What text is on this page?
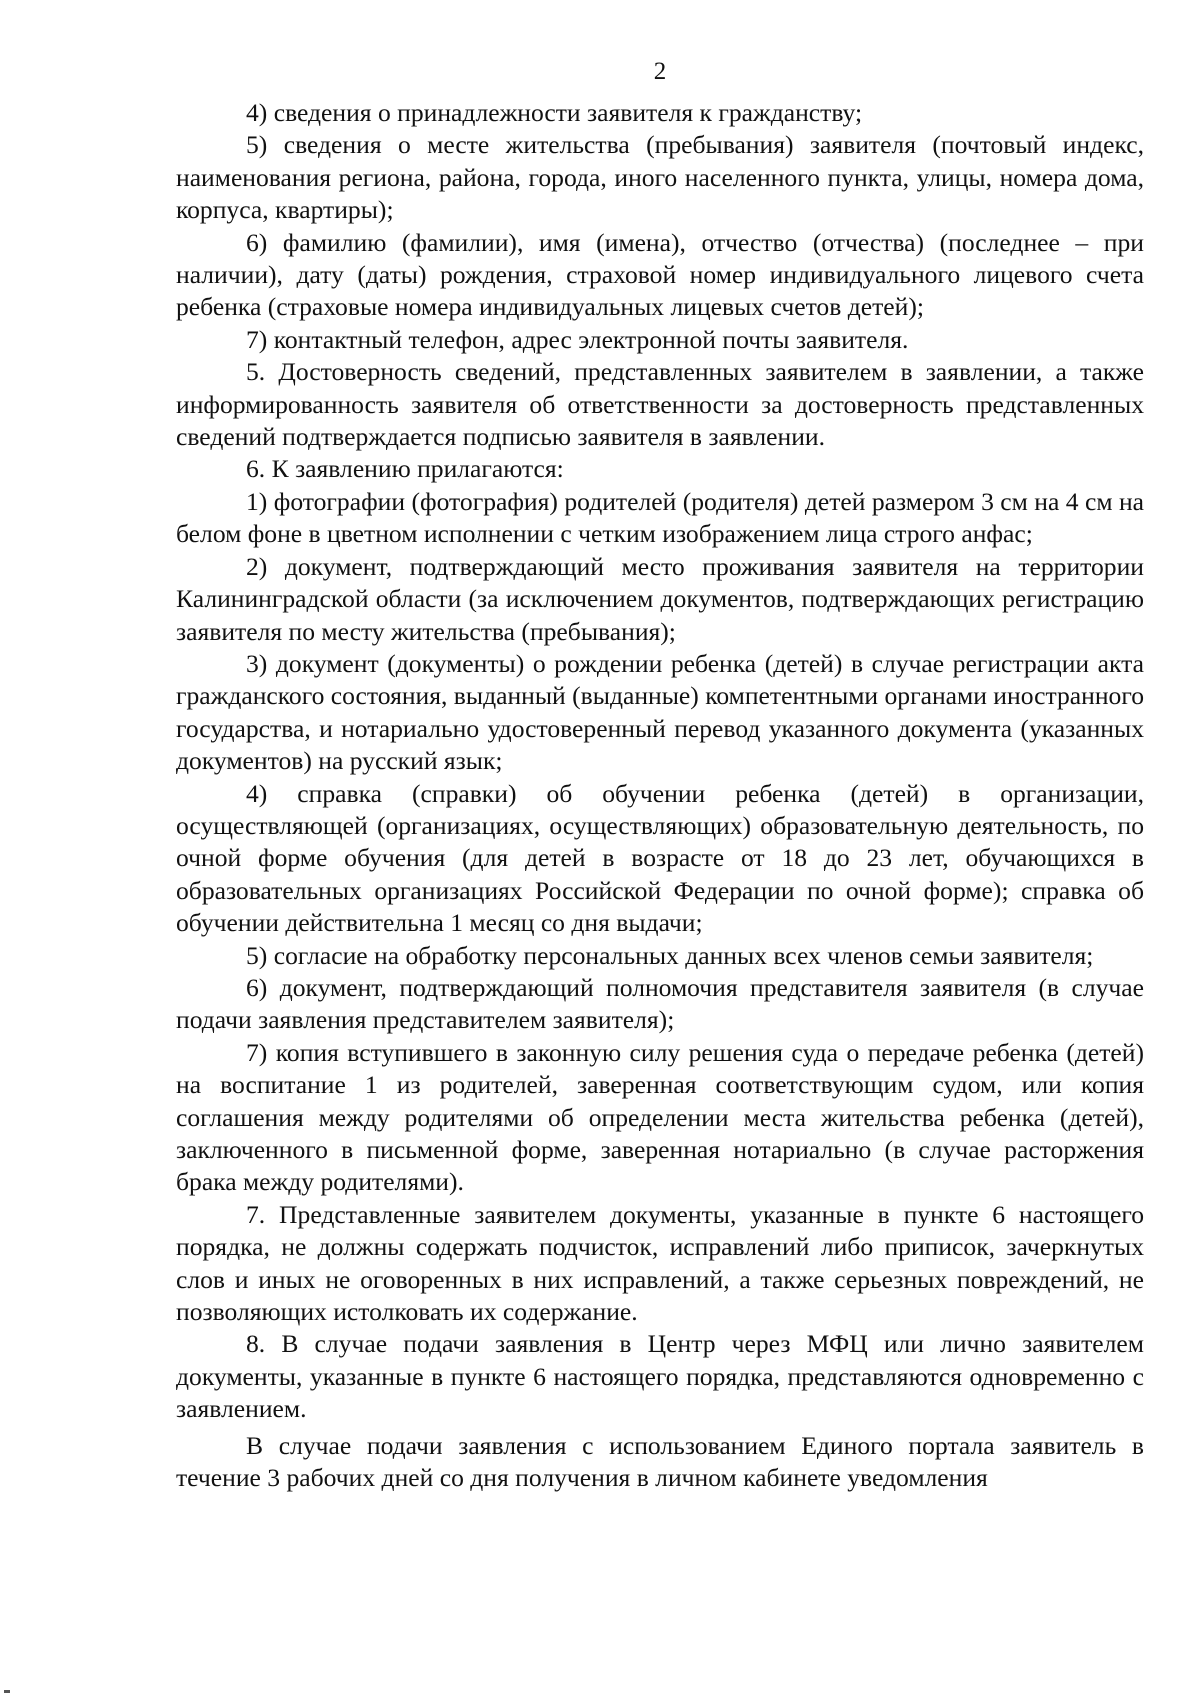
2

4) сведения о принадлежности заявителя к гражданству;

5) сведения о месте жительства (пребывания) заявителя (почтовый индекс, наименования региона, района, города, иного населенного пункта, улицы, номера дома, корпуса, квартиры);

6) фамилию (фамилии), имя (имена), отчество (отчества) (последнее – при наличии), дату (даты) рождения, страховой номер индивидуального лицевого счета ребенка (страховые номера индивидуальных лицевых счетов детей);

7) контактный телефон, адрес электронной почты заявителя.

5. Достоверность сведений, представленных заявителем в заявлении, а также информированность заявителя об ответственности за достоверность представленных сведений подтверждается подписью заявителя в заявлении.

6. К заявлению прилагаются:

1) фотографии (фотография) родителей (родителя) детей размером 3 см на 4 см на белом фоне в цветном исполнении с четким изображением лица строго анфас;

2) документ, подтверждающий место проживания заявителя на территории Калининградской области (за исключением документов, подтверждающих регистрацию заявителя по месту жительства (пребывания);

3) документ (документы) о рождении ребенка (детей) в случае регистрации акта гражданского состояния, выданный (выданные) компетентными органами иностранного государства, и нотариально удостоверенный перевод указанного документа (указанных документов) на русский язык;

4) справка (справки) об обучении ребенка (детей) в организации, осуществляющей (организациях, осуществляющих) образовательную деятельность, по очной форме обучения (для детей в возрасте от 18 до 23 лет, обучающихся в образовательных организациях Российской Федерации по очной форме); справка об обучении действительна 1 месяц со дня выдачи;

5) согласие на обработку персональных данных всех членов семьи заявителя;

6) документ, подтверждающий полномочия представителя заявителя (в случае подачи заявления представителем заявителя);

7) копия вступившего в законную силу решения суда о передаче ребенка (детей) на воспитание 1 из родителей, заверенная соответствующим судом, или копия соглашения между родителями об определении места жительства ребенка (детей), заключенного в письменной форме, заверенная нотариально (в случае расторжения брака между родителями).

7. Представленные заявителем документы, указанные в пункте 6 настоящего порядка, не должны содержать подчисток, исправлений либо приписок, зачеркнутых слов и иных не оговоренных в них исправлений, а также серьезных повреждений, не позволяющих истолковать их содержание.

8. В случае подачи заявления в Центр через МФЦ или лично заявителем документы, указанные в пункте 6 настоящего порядка, представляются одновременно с заявлением.

В случае подачи заявления с использованием Единого портала заявитель в течение 3 рабочих дней со дня получения в личном кабинете уведомления
